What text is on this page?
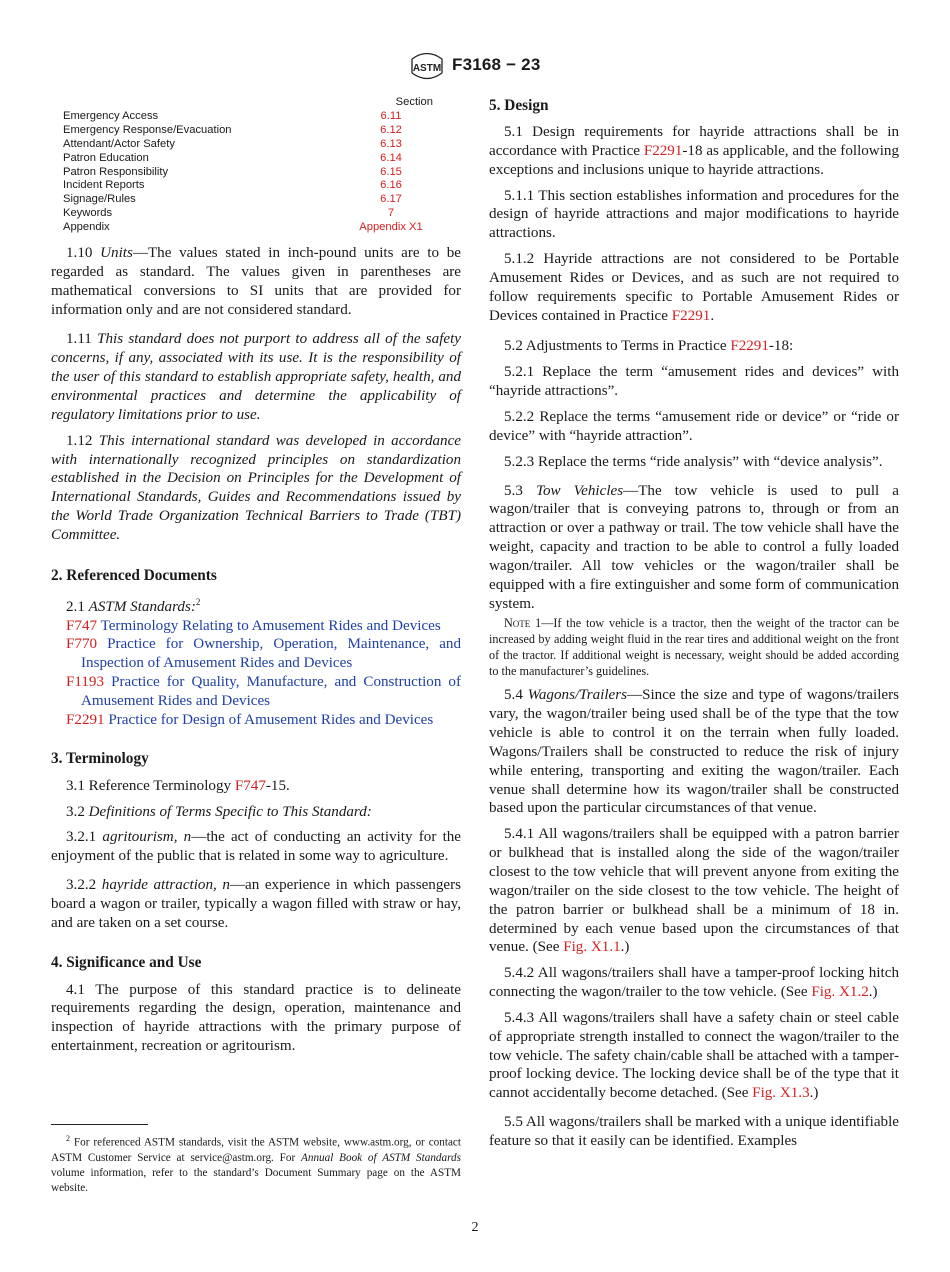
ASTM F3168 − 23
Section
Emergency Access	6.11
Emergency Response/Evacuation	6.12
Attendant/Actor Safety	6.13
Patron Education	6.14
Patron Responsibility	6.15
Incident Reports	6.16
Signage/Rules	6.17
Keywords	7
Appendix	Appendix X1

1.10 Units—The values stated in inch-pound units are to be regarded as standard. The values given in parentheses are mathematical conversions to SI units that are provided for information only and are not considered standard.

1.11 This standard does not purport to address all of the safety concerns, if any, associated with its use. It is the responsibility of the user of this standard to establish appropriate safety, health, and environmental practices and determine the applicability of regulatory limitations prior to use.

1.12 This international standard was developed in accordance with internationally recognized principles on standardization established in the Decision on Principles for the Development of International Standards, Guides and Recommendations issued by the World Trade Organization Technical Barriers to Trade (TBT) Committee.

2. Referenced Documents

2.1 ASTM Standards:$^2$

F747 Terminology Relating to Amusement Rides and Devices

F770 Practice for Ownership, Operation, Maintenance, and Inspection of Amusement Rides and Devices

F1193 Practice for Quality, Manufacture, and Construction of Amusement Rides and Devices

F2291 Practice for Design of Amusement Rides and Devices

3. Terminology

3.1 Reference Terminology F747-15.

3.2 Definitions of Terms Specific to This Standard:

3.2.1 agritourism, n—the act of conducting an activity for the enjoyment of the public that is related in some way to agriculture.

3.2.2 hayride attraction, n—an experience in which passengers board a wagon or trailer, typically a wagon filled with straw or hay, and are taken on a set course.

4. Significance and Use

4.1 The purpose of this standard practice is to delineate requirements regarding the design, operation, maintenance and inspection of hayride attractions with the primary purpose of entertainment, recreation or agritourism.

$^2$ For referenced ASTM standards, visit the ASTM website, www.astm.org, or contact ASTM Customer Service at service@astm.org. For Annual Book of ASTM Standards volume information, refer to the standard’s Document Summary page on the ASTM website.

5. Design

5.1 Design requirements for hayride attractions shall be in accordance with Practice F2291-18 as applicable, and the following exceptions and inclusions unique to hayride attractions.

5.1.1 This section establishes information and procedures for the design of hayride attractions and major modifications to hayride attractions.

5.1.2 Hayride attractions are not considered to be Portable Amusement Rides or Devices, and as such are not required to follow requirements specific to Portable Amusement Rides or Devices contained in Practice F2291.

5.2 Adjustments to Terms in Practice F2291-18:

5.2.1 Replace the term “amusement rides and devices” with “hayride attractions”.

5.2.2 Replace the terms “amusement ride or device” or “ride or device” with “hayride attraction”.

5.2.3 Replace the terms “ride analysis” with “device analysis”.

5.3 Tow Vehicles—The tow vehicle is used to pull a wagon/trailer that is conveying patrons to, through or from an attraction or over a pathway or trail. The tow vehicle shall have the weight, capacity and traction to be able to control a fully loaded wagon/trailer. All tow vehicles or the wagon/trailer shall be equipped with a fire extinguisher and some form of communication system.

Note 1—If the tow vehicle is a tractor, then the weight of the tractor can be increased by adding weight fluid in the rear tires and additional weight on the front of the tractor. If additional weight is necessary, weight should be added according to the manufacturer’s guidelines.

5.4 Wagons/Trailers—Since the size and type of wagons/trailers vary, the wagon/trailer being used shall be of the type that the tow vehicle is able to control it on the terrain when fully loaded. Wagons/Trailers shall be constructed to reduce the risk of injury while entering, transporting and exiting the wagon/trailer. Each venue shall determine how its wagon/trailer shall be constructed based upon the particular circumstances of that venue.

5.4.1 All wagons/trailers shall be equipped with a patron barrier or bulkhead that is installed along the side of the wagon/trailer closest to the tow vehicle that will prevent anyone from exiting the wagon/trailer on the side closest to the tow vehicle. The height of the patron barrier or bulkhead shall be a minimum of 18 in. determined by each venue based upon the circumstances of that venue. (See Fig. X1.1.)

5.4.2 All wagons/trailers shall have a tamper-proof locking hitch connecting the wagon/trailer to the tow vehicle. (See Fig. X1.2.)

5.4.3 All wagons/trailers shall have a safety chain or steel cable of appropriate strength installed to connect the wagon/trailer to the tow vehicle. The safety chain/cable shall be attached with a tamper-proof locking device. The locking device shall be of the type that it cannot accidentally become detached. (See Fig. X1.3.)

5.5 All wagons/trailers shall be marked with a unique identifiable feature so that it easily can be identified. Examples

2
